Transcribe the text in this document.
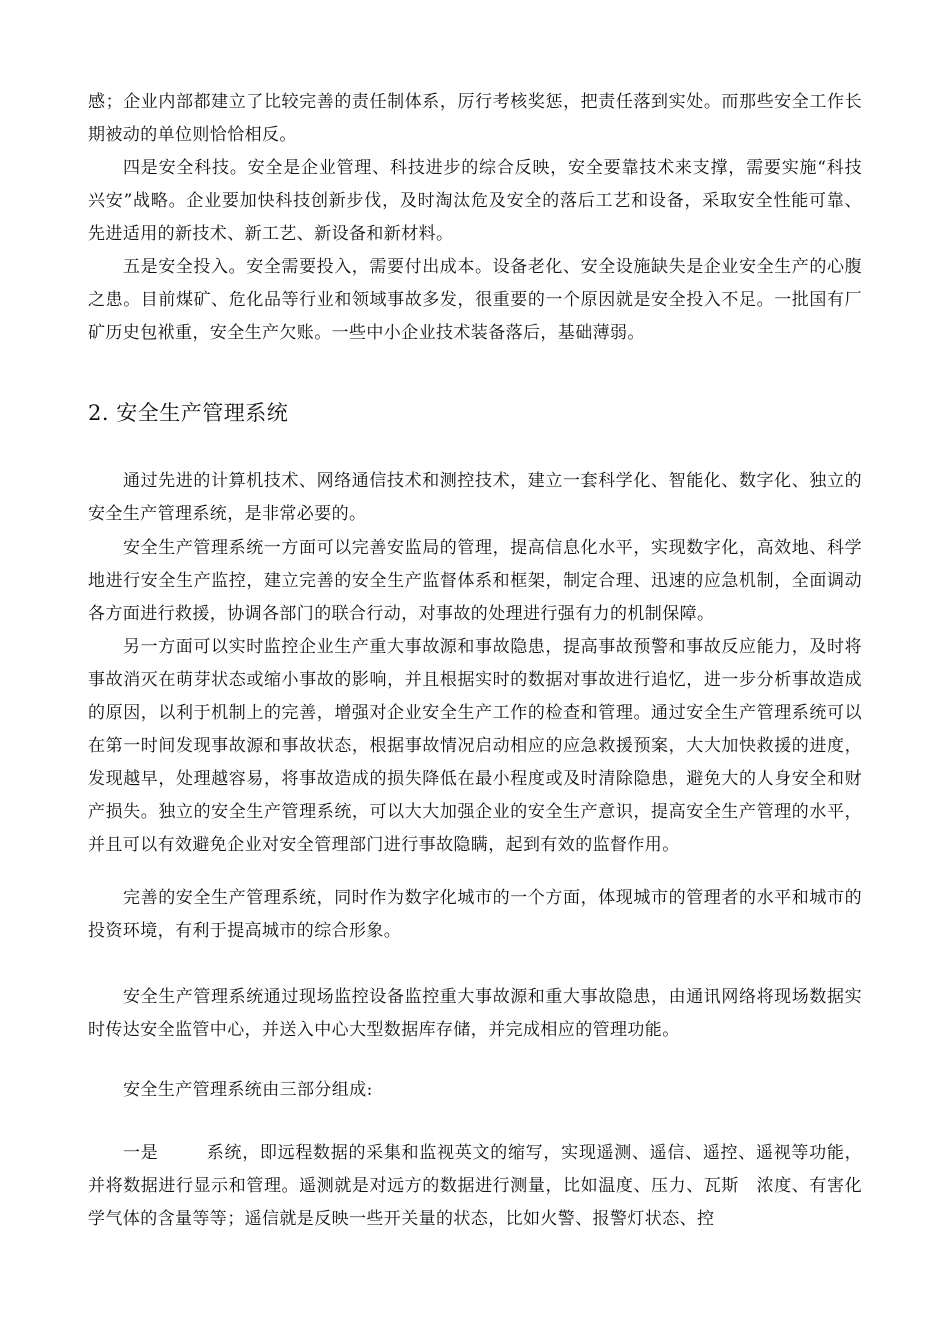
感；企业内部都建立了比较完善的责任制体系，厉行考核奖惩，把责任落到实处。而那些安全工作长期被动的单位则恰恰相反。

四是安全科技。安全是企业管理、科技进步的综合反映，安全要靠技术来支撑，需要实施“科技兴安”战略。企业要加快科技创新步伐，及时淘汰危及安全的落后工艺和设备，采取安全性能可靠、先进适用的新技术、新工艺、新设备和新材料。

五是安全投入。安全需要投入，需要付出成本。设备老化、安全设施缺失是企业安全生产的心腹之患。目前煤矿、危化品等行业和领域事故多发，很重要的一个原因就是安全投入不足。一批国有厂矿历史包袱重，安全生产欠账。一些中小企业技术装备落后，基础薄弱。

2. 安全生产管理系统

通过先进的计算机技术、网络通信技术和测控技术，建立一套科学化、智能化、数字化、独立的安全生产管理系统，是非常必要的。

安全生产管理系统一方面可以完善安监局的管理，提高信息化水平，实现数字化，高效地、科学地进行安全生产监控，建立完善的安全生产监督体系和框架，制定合理、迅速的应急机制，全面调动各方面进行救援，协调各部门的联合行动，对事故的处理进行强有力的机制保障。

另一方面可以实时监控企业生产重大事故源和事故隐患，提高事故预警和事故反应能力，及时将事故消灭在萌芽状态或缩小事故的影响，并且根据实时的数据对事故进行追忆，进一步分析事故造成的原因，以利于机制上的完善，增强对企业安全生产工作的检查和管理。通过安全生产管理系统可以在第一时间发现事故源和事故状态，根据事故情况启动相应的应急救援预案，大大加快救援的进度，发现越早，处理越容易，将事故造成的损失降低在最小程度或及时清除隐患，避免大的人身安全和财产损失。独立的安全生产管理系统，可以大大加强企业的安全生产意识，提高安全生产管理的水平，并且可以有效避免企业对安全管理部门进行事故隐瞒，起到有效的监督作用。

完善的安全生产管理系统，同时作为数字化城市的一个方面，体现城市的管理者的水平和城市的投资环境，有利于提高城市的综合形象。

安全生产管理系统通过现场监控设备监控重大事故源和重大事故隐患，由通讯网络将现场数据实时传达安全监管中心，并送入中心大型数据库存储，并完成相应的管理功能。

安全生产管理系统由三部分组成:

一是	系统，即远程数据的采集和监视英文的缩写，实现遥测、遥信、遥控、遥视等功能，并将数据进行显示和管理。遥测就是对远方的数据进行测量，比如温度、压力、瓦斯　浓度、有害化学气体的含量等等；遥信就是反映一些开关量的状态，比如火警、报警灯状态、控
